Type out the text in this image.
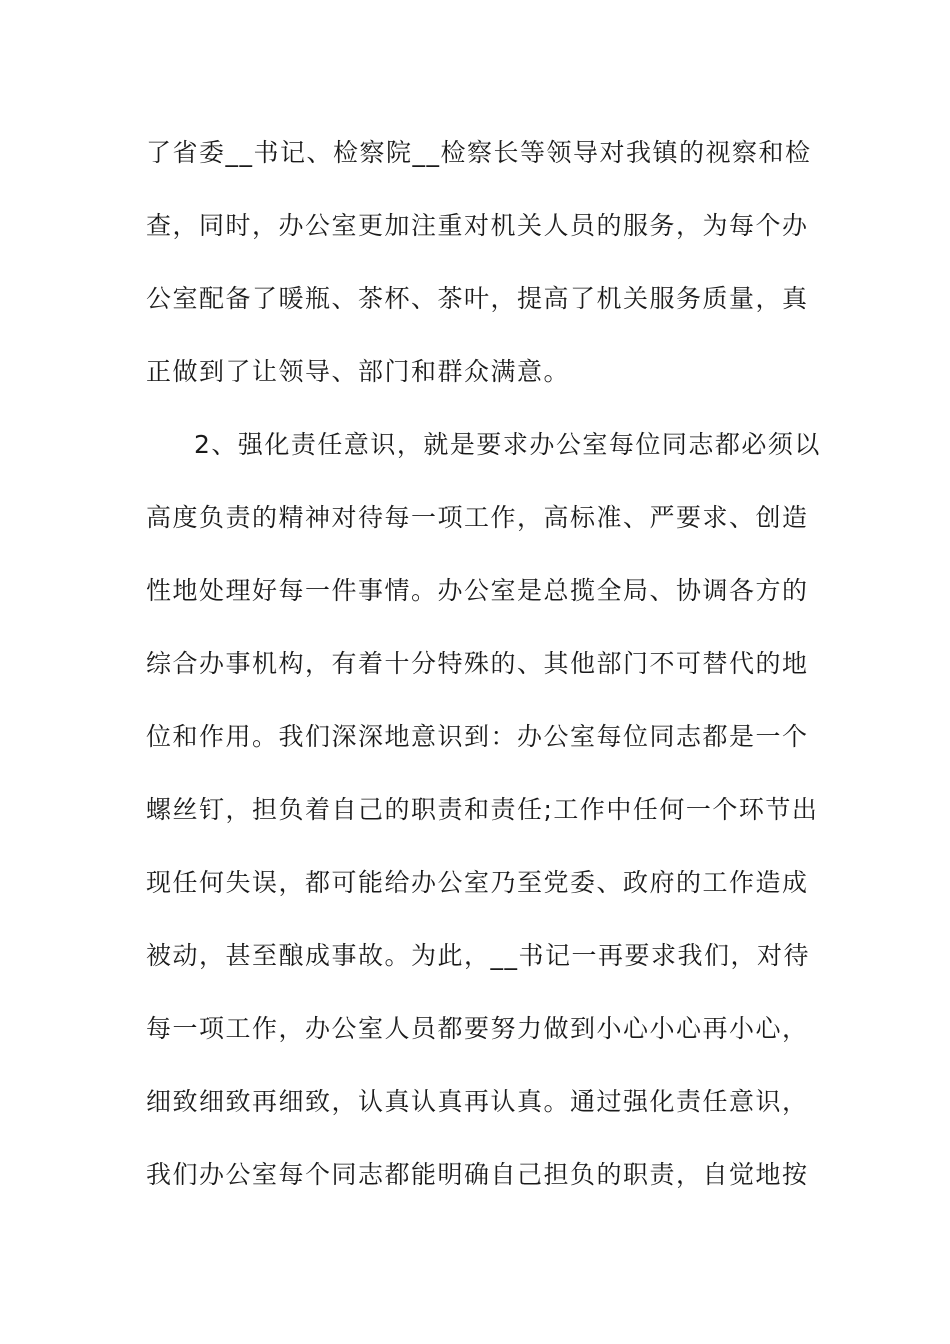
了省委__书记、检察院__检察长等领导对我镇的视察和检

查，同时，办公室更加注重对机关人员的服务，为每个办

公室配备了暖瓶、茶杯、茶叶，提高了机关服务质量，真

正做到了让领导、部门和群众满意。

2、强化责任意识，就是要求办公室每位同志都必须以

高度负责的精神对待每一项工作，高标准、严要求、创造

性地处理好每一件事情。办公室是总揽全局、协调各方的

综合办事机构，有着十分特殊的、其他部门不可替代的地

位和作用。我们深深地意识到：办公室每位同志都是一个

螺丝钉，担负着自己的职责和责任;工作中任何一个环节出

现任何失误，都可能给办公室乃至党委、政府的工作造成

被动，甚至酿成事故。为此，__书记一再要求我们，对待

每一项工作，办公室人员都要努力做到小心小心再小心，

细致细致再细致，认真认真再认真。通过强化责任意识，

我们办公室每个同志都能明确自己担负的职责，自觉地按
